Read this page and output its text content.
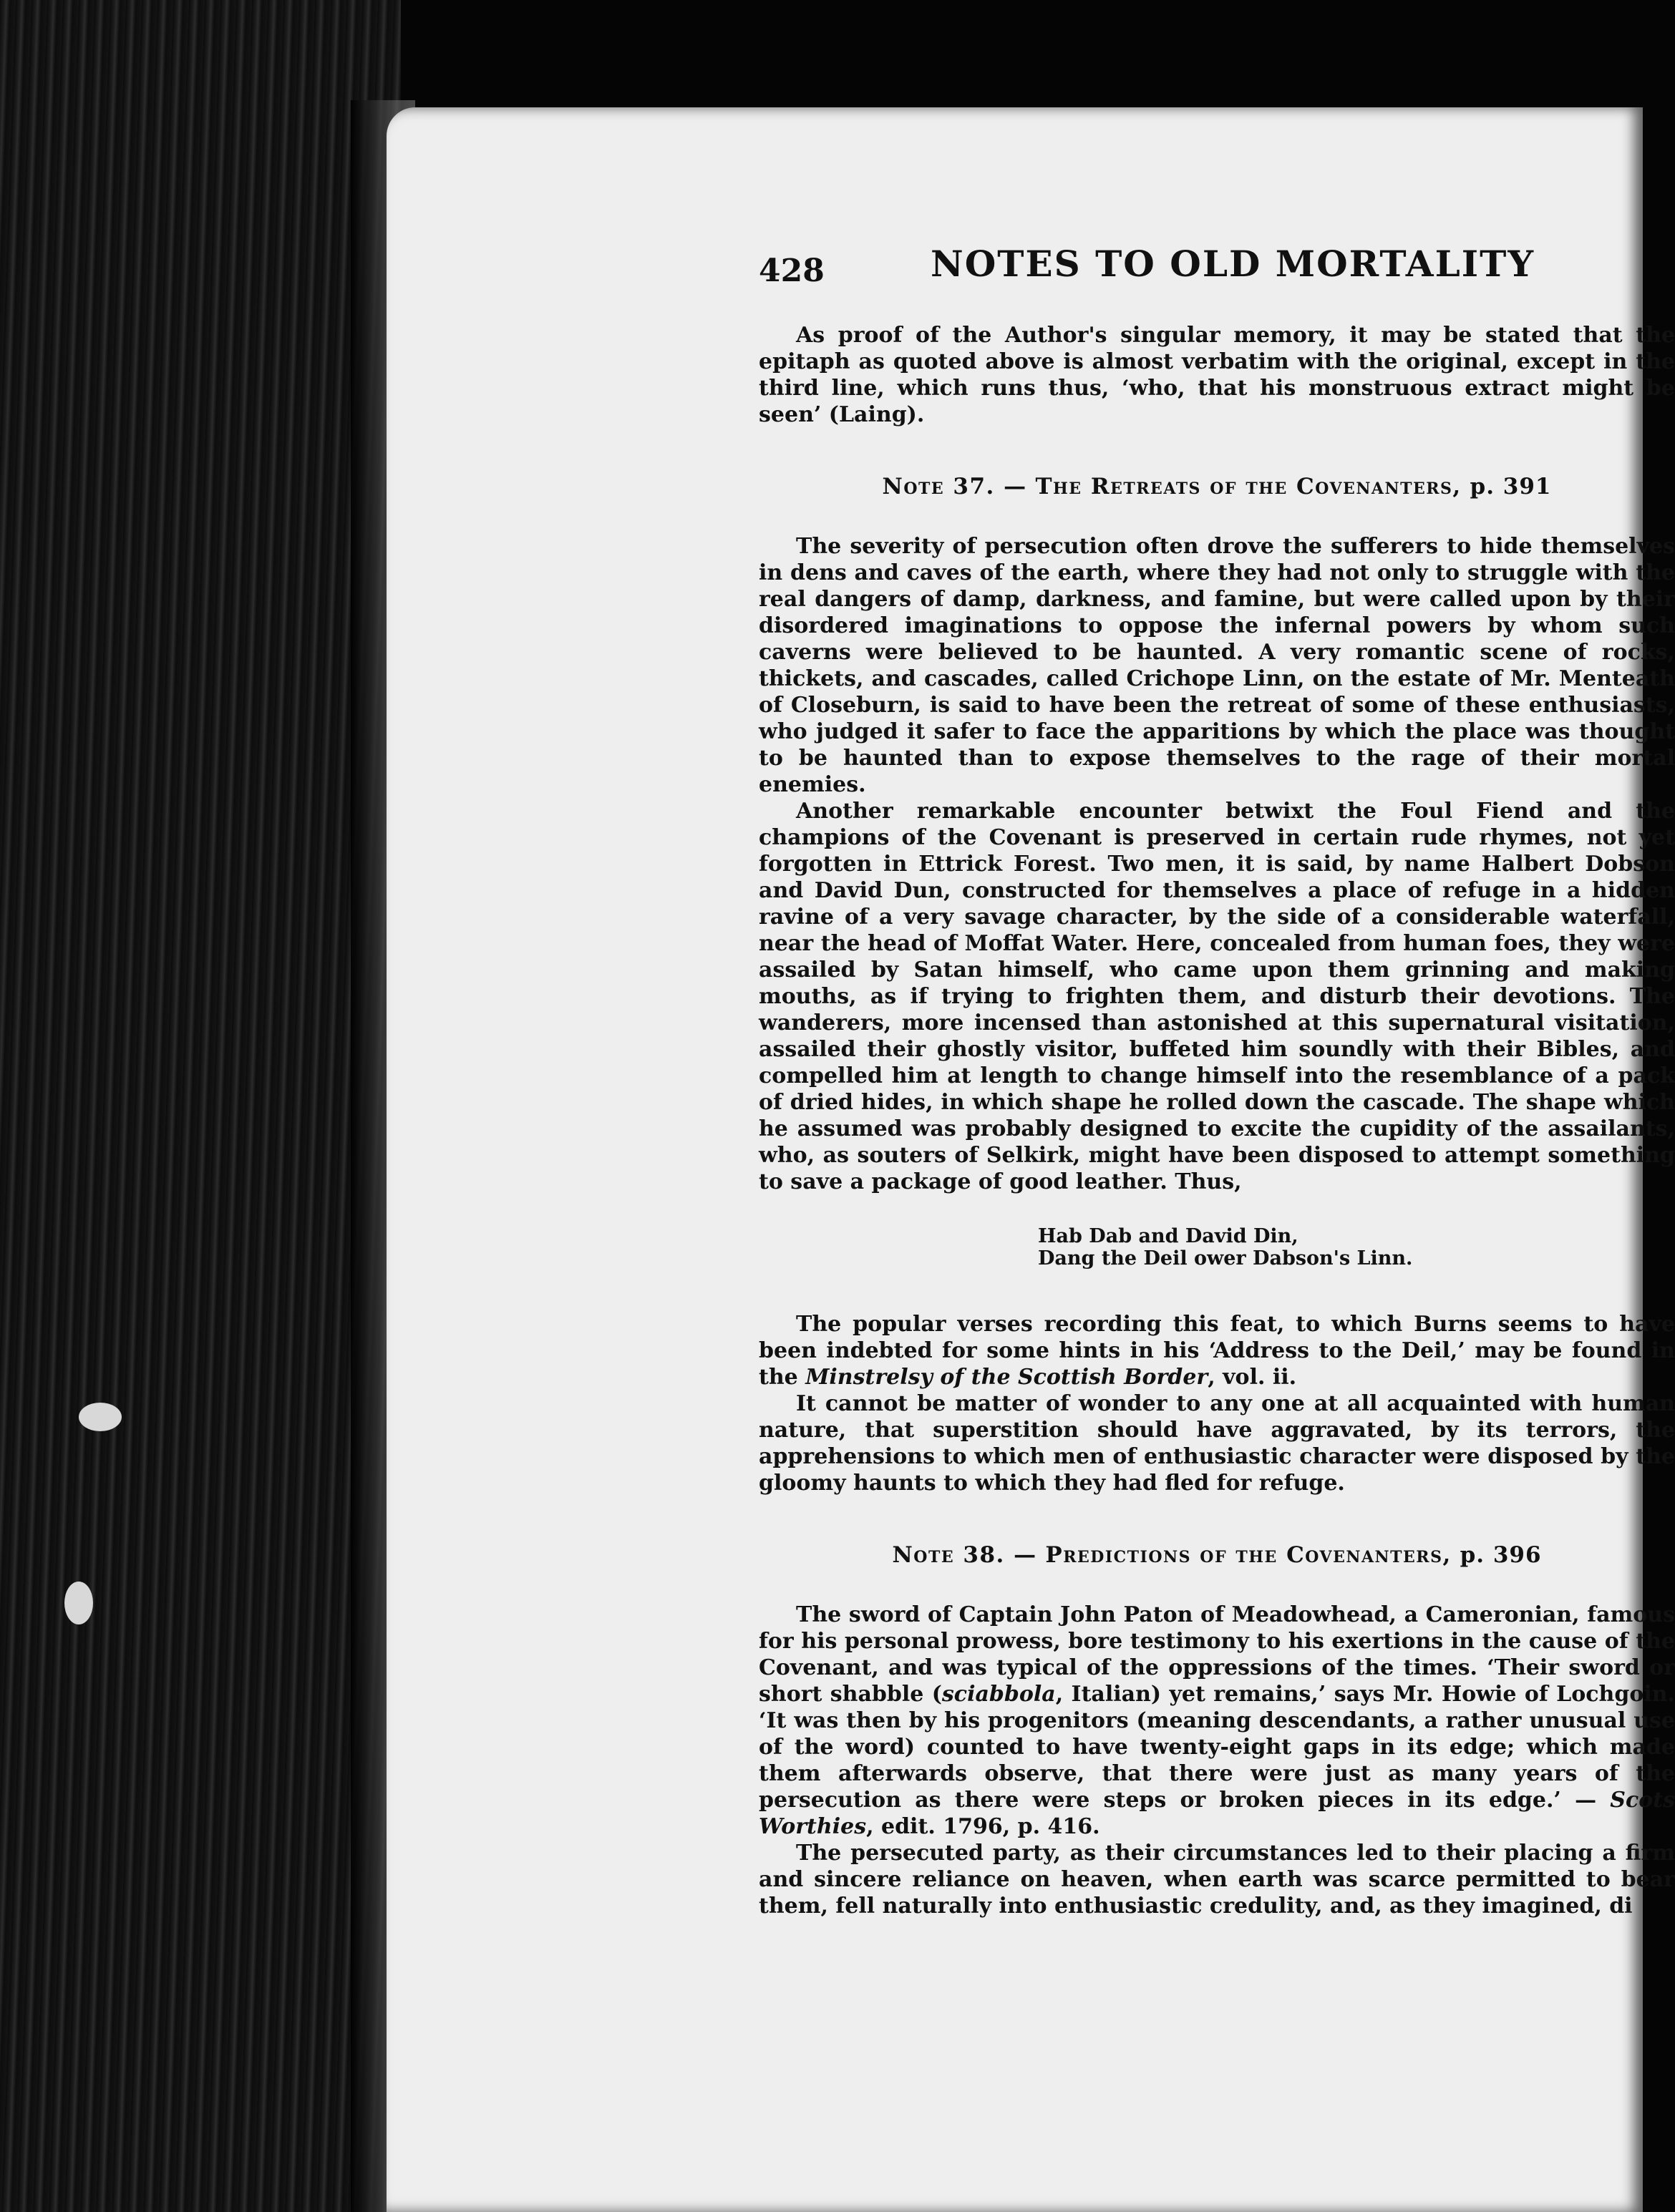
428	NOTES TO OLD MORTALITY

As proof of the Author's singular memory, it may be stated that the epitaph as quoted above is almost verbatim with the original, except in the third line, which runs thus, ‘who, that his monstruous extract might be seen’ (Laing).

Note 37. — The Retreats of the Covenanters, p. 391

The severity of persecution often drove the sufferers to hide themselves in dens and caves of the earth, where they had not only to struggle with the real dangers of damp, darkness, and famine, but were called upon by their disordered imaginations to oppose the infernal powers by whom such caverns were believed to be haunted. A very romantic scene of rocks, thickets, and cascades, called Crichope Linn, on the estate of Mr. Menteath of Closeburn, is said to have been the retreat of some of these enthusiasts, who judged it safer to face the apparitions by which the place was thought to be haunted than to expose themselves to the rage of their mortal enemies.

Another remarkable encounter betwixt the Foul Fiend and the champions of the Covenant is preserved in certain rude rhymes, not yet forgotten in Ettrick Forest. Two men, it is said, by name Halbert Dobson and David Dun, constructed for themselves a place of refuge in a hidden ravine of a very savage character, by the side of a considerable waterfall, near the head of Moffat Water. Here, concealed from human foes, they were assailed by Satan himself, who came upon them grinning and making mouths, as if trying to frighten them, and disturb their devotions. The wanderers, more incensed than astonished at this supernatural visitation, assailed their ghostly visitor, buffeted him soundly with their Bibles, and compelled him at length to change himself into the resemblance of a pack of dried hides, in which shape he rolled down the cascade. The shape which he assumed was probably designed to excite the cupidity of the assailants, who, as souters of Selkirk, might have been disposed to attempt something to save a package of good leather. Thus,

Hab Dab and David Din,
Dang the Deil ower Dabson's Linn.

The popular verses recording this feat, to which Burns seems to have been indebted for some hints in his ‘Address to the Deil,’ may be found in the Minstrelsy of the Scottish Border, vol. ii.

It cannot be matter of wonder to any one at all acquainted with human nature, that superstition should have aggravated, by its terrors, the apprehensions to which men of enthusiastic character were disposed by the gloomy haunts to which they had fled for refuge.

Note 38. — Predictions of the Covenanters, p. 396

The sword of Captain John Paton of Meadowhead, a Cameronian, famous for his personal prowess, bore testimony to his exertions in the cause of the Covenant, and was typical of the oppressions of the times. ‘Their sword or short shabble (sciabbola, Italian) yet remains,’ says Mr. Howie of Lochgoin. ‘It was then by his progenitors (meaning descendants, a rather unusual use of the word) counted to have twenty-eight gaps in its edge; which made them afterwards observe, that there were just as many years of the persecution as there were steps or broken pieces in its edge.’ — Scots Worthies, edit. 1796, p. 416.

The persecuted party, as their circumstances led to their placing a firm and sincere reliance on heaven, when earth was scarce permitted to bear them, fell naturally into enthusiastic credulity, and, as they imagined, di
